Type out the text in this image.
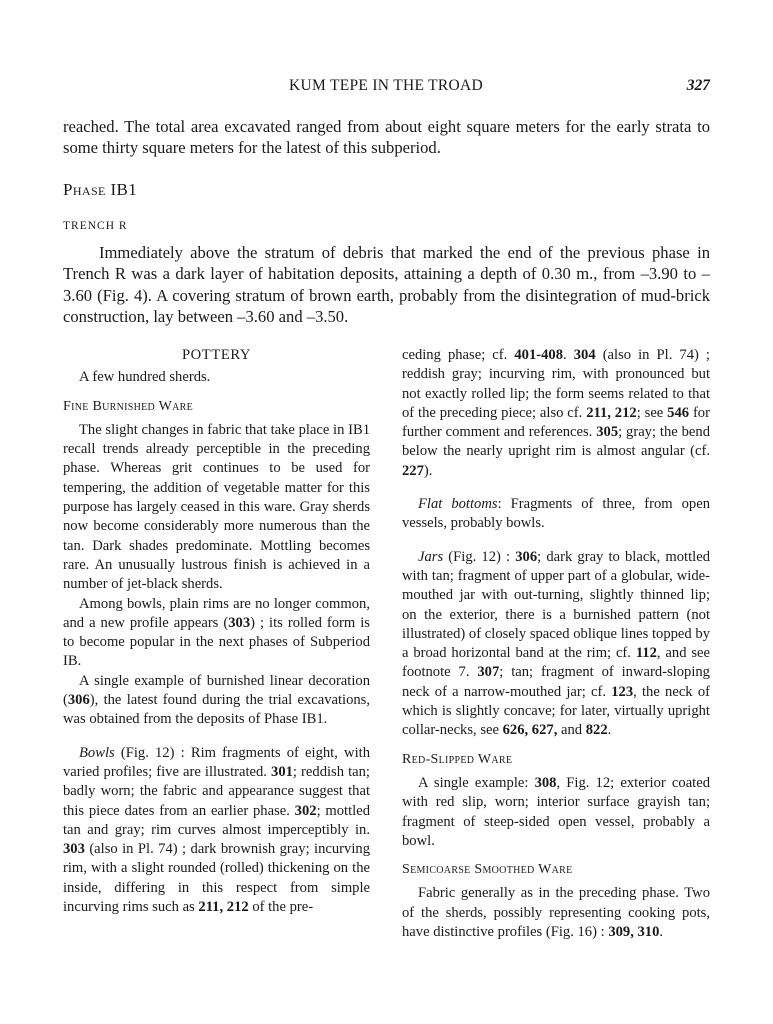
KUM TEPE IN THE TROAD	327

reached. The total area excavated ranged from about eight square meters for the early strata to some thirty square meters for the latest of this subperiod.

Phase IB1
TRENCH R

Immediately above the stratum of debris that marked the end of the previous phase in Trench R was a dark layer of habitation deposits, attaining a depth of 0.30 m., from –3.90 to –3.60 (Fig. 4). A covering stratum of brown earth, probably from the disintegration of mud-brick construction, lay between –3.60 and –3.50.

POTTERY

A few hundred sherds.

Fine Burnished Ware

The slight changes in fabric that take place in IB1 recall trends already perceptible in the preceding phase. Whereas grit continues to be used for tempering, the addition of vegetable matter for this purpose has largely ceased in this ware. Gray sherds now become considerably more numerous than the tan. Dark shades predominate. Mottling becomes rare. An unusually lustrous finish is achieved in a number of jet-black sherds.

Among bowls, plain rims are no longer common, and a new profile appears (303) ; its rolled form is to become popular in the next phases of Subperiod IB.

A single example of burnished linear decoration (306), the latest found during the trial excavations, was obtained from the deposits of Phase IB1.

Bowls (Fig. 12) : Rim fragments of eight, with varied profiles; five are illustrated. 301; reddish tan; badly worn; the fabric and appearance suggest that this piece dates from an earlier phase. 302; mottled tan and gray; rim curves almost imperceptibly in. 303 (also in Pl. 74) ; dark brownish gray; incurving rim, with a slight rounded (rolled) thickening on the inside, differing in this respect from simple incurving rims such as 211, 212 of the pre-

ceding phase; cf. 401-408. 304 (also in Pl. 74) ; reddish gray; incurving rim, with pronounced but not exactly rolled lip; the form seems related to that of the preceding piece; also cf. 211, 212; see 546 for further comment and references. 305; gray; the bend below the nearly upright rim is almost angular (cf. 227).

Flat bottoms: Fragments of three, from open vessels, probably bowls.

Jars (Fig. 12) : 306; dark gray to black, mottled with tan; fragment of upper part of a globular, wide-mouthed jar with out-turning, slightly thinned lip; on the exterior, there is a burnished pattern (not illustrated) of closely spaced oblique lines topped by a broad horizontal band at the rim; cf. 112, and see footnote 7. 307; tan; fragment of inward-sloping neck of a narrow-mouthed jar; cf. 123, the neck of which is slightly concave; for later, virtually upright collar-necks, see 626, 627, and 822.

Red-Slipped Ware

A single example: 308, Fig. 12; exterior coated with red slip, worn; interior surface grayish tan; fragment of steep-sided open vessel, probably a bowl.

Semicoarse Smoothed Ware

Fabric generally as in the preceding phase. Two of the sherds, possibly representing cooking pots, have distinctive profiles (Fig. 16) : 309, 310.
